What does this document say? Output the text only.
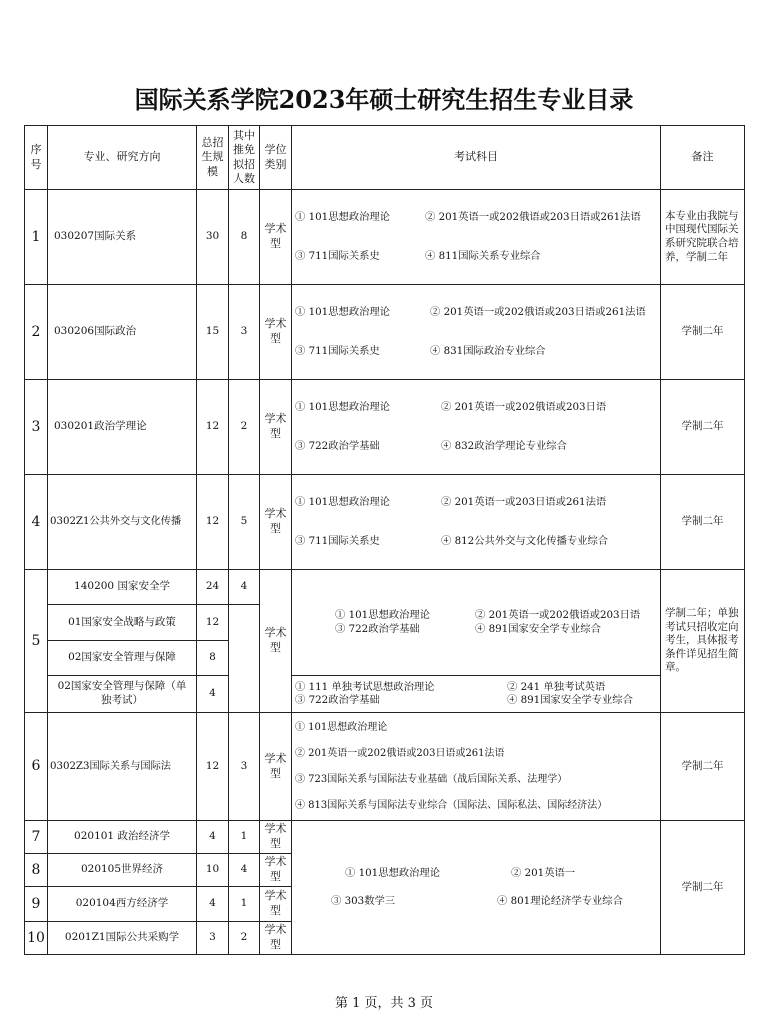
国际关系学院2023年硕士研究生招生专业目录
序号	专业、研究方向	总招生规模	其中推免拟招人数	学位类别	考试科目	备注
1	030207国际关系	30	8	学术型	① 101思想政治理论 ② 201英语一或202俄语或203日语或261法语
③ 711国际关系史 ④ 811国际关系专业综合	本专业由我院与中国现代国际关系研究院联合培养，学制二年
2	030206国际政治	15	3	学术型	① 101思想政治理论 ② 201英语一或202俄语或203日语或261法语
③ 711国际关系史 ④ 831国际政治专业综合	学制二年
3	030201政治学理论	12	2	学术型	① 101思想政治理论 ② 201英语一或202俄语或203日语
③ 722政治学基础 ④ 832政治学理论专业综合	学制二年
4	0302Z1公共外交与文化传播	12	5	学术型	① 101思想政治理论 ② 201英语一或203日语或261法语
③ 711国际关系史 ④ 812公共外交与文化传播专业综合	学制二年
5	140200 国家安全学	24	4	学术型	① 101思想政治理论 ② 201英语一或202俄语或203日语
③ 722政治学基础 ④ 891国家安全学专业综合	学制二年；单独考试只招收定向考生，具体报考条件详见招生简章。
	01国家安全战略与政策	12				
	02国家安全管理与保障	8				
	02国家安全管理与保障（单独考试）	4			① 111 单独考试思想政治理论 ② 241 单独考试英语
③ 722政治学基础 ④ 891国家安全学专业综合	

6	0302Z3国际关系与国际法	12	3	学术型	① 101思想政治理论
② 201英语一或202俄语或203日语或261法语
③ 723国际关系与国际法专业基础（战后国际关系、法理学）
④ 813国际关系与国际法专业综合（国际法、国际私法、国际经济法）	学制二年
7	020101 政治经济学	4	1	学术型	① 101思想政治理论 ② 201英语一
③ 303数学三 ④ 801理论经济学专业综合	学制二年
8	020105世界经济	10	4	学术型		

9	020104西方经济学	4	1	学术型		

10	0201Z1国际公共采购学	3	2	学术型		
第 1 页，共 3 页
